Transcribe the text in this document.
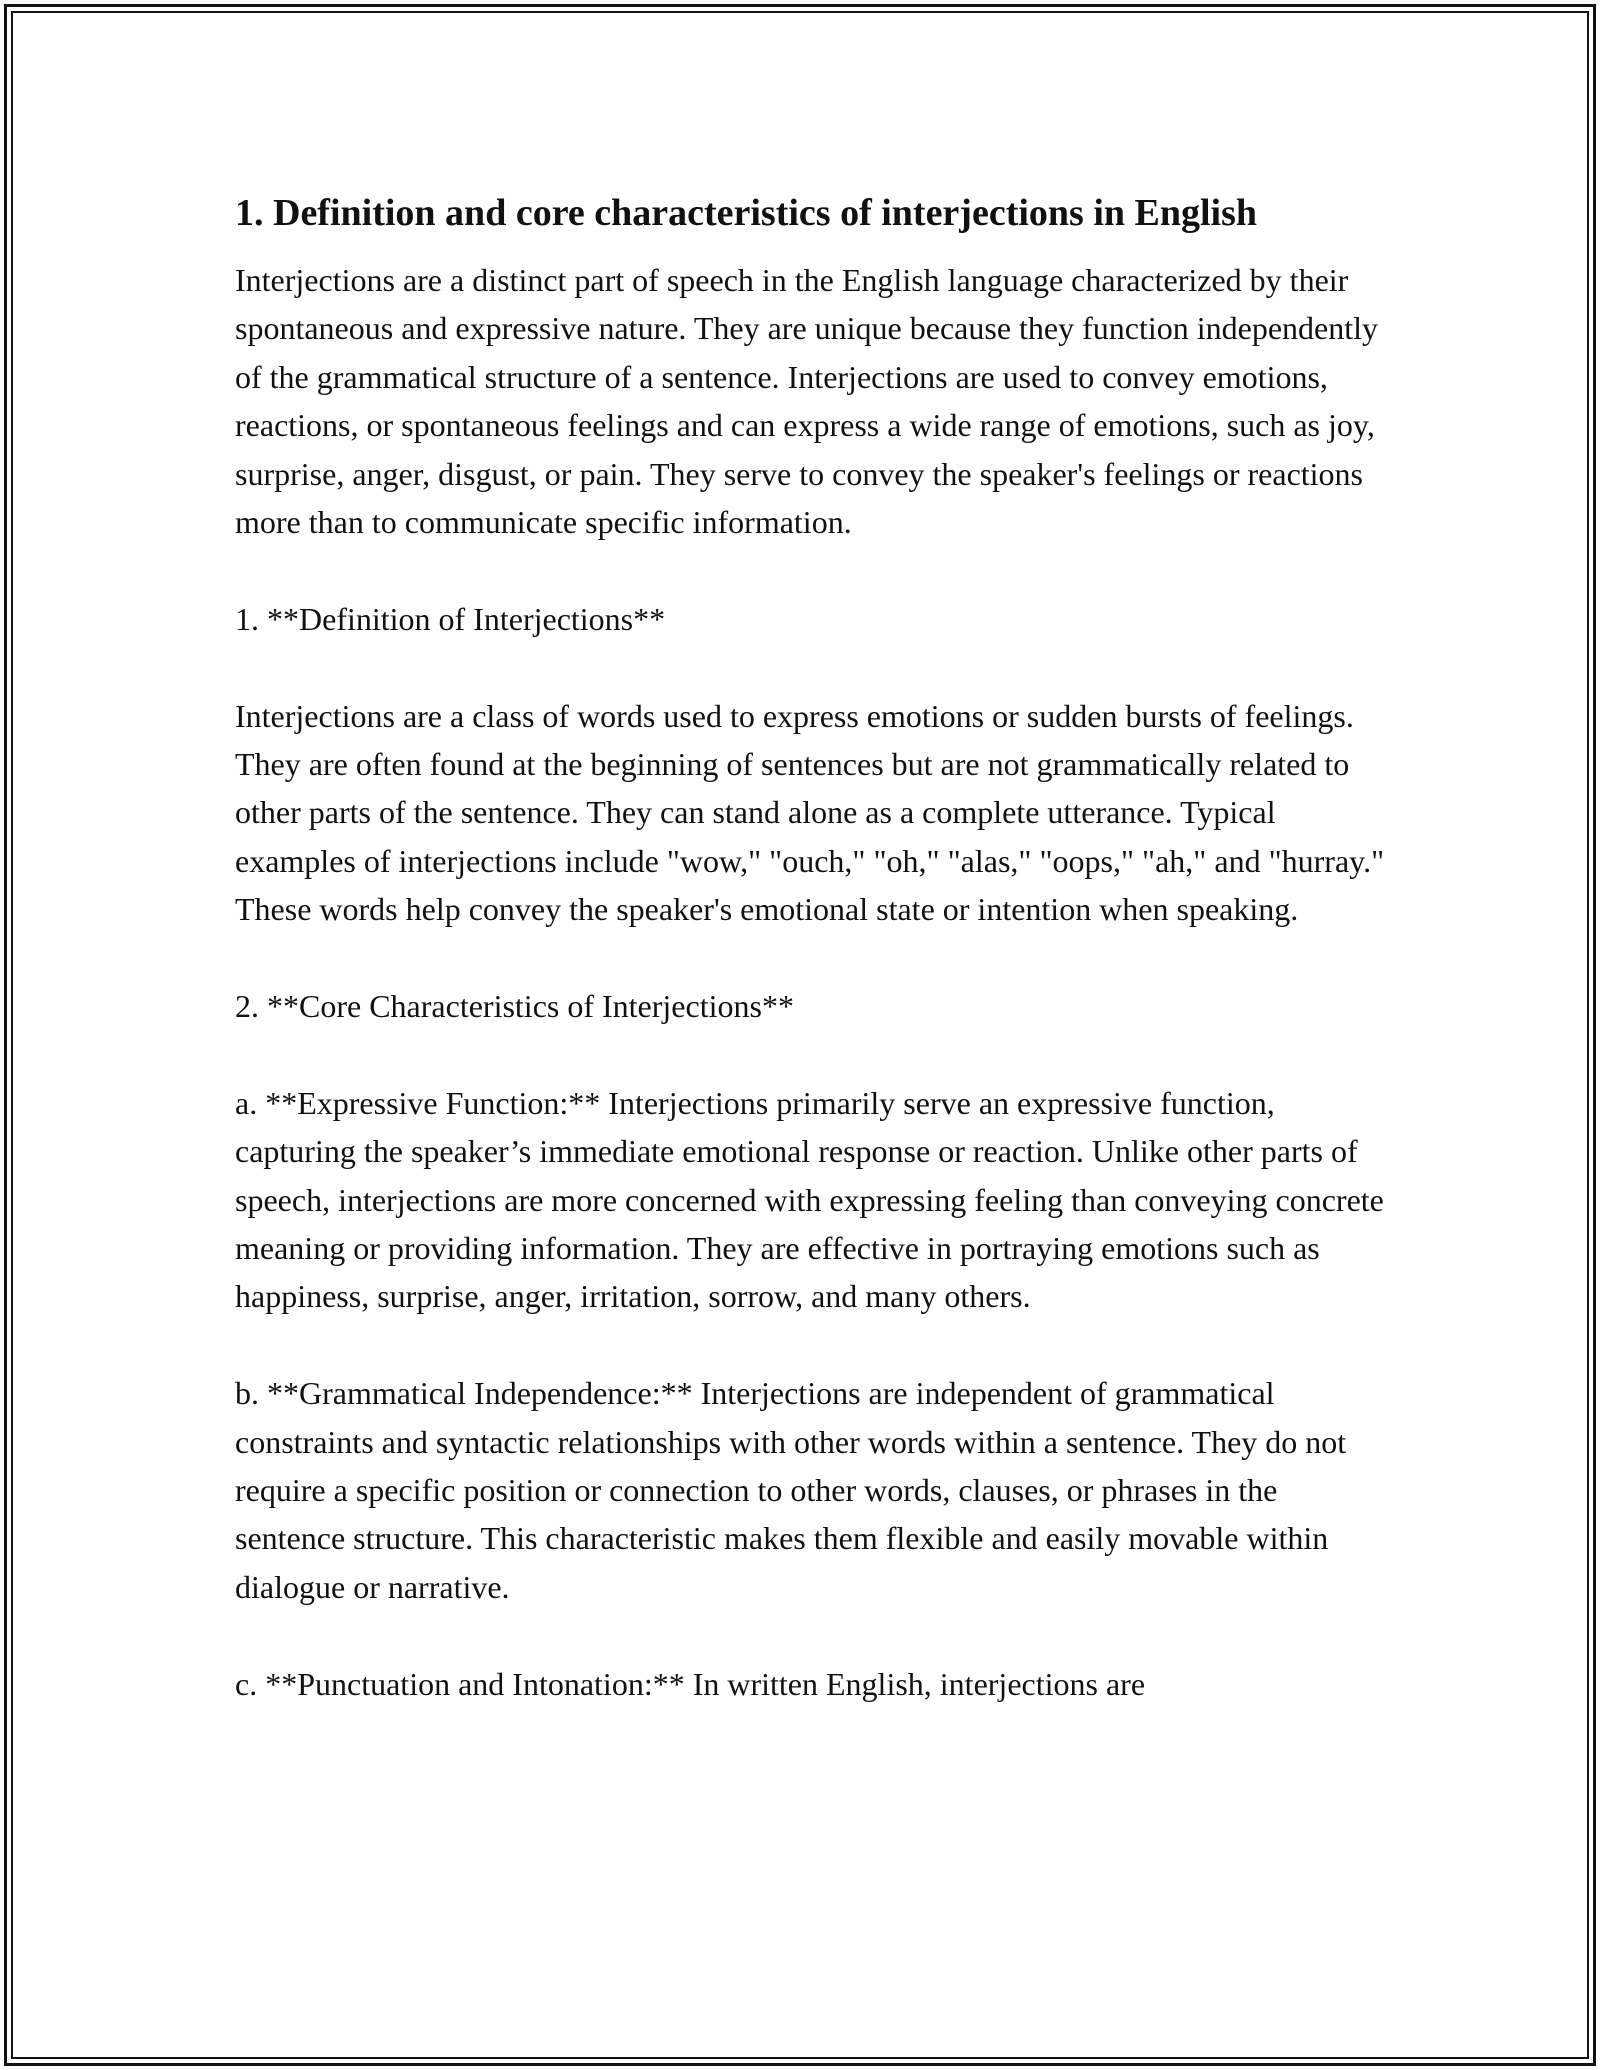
1. Definition and core characteristics of interjections in English

Interjections are a distinct part of speech in the English language characterized by their spontaneous and expressive nature. They are unique because they function independently of the grammatical structure of a sentence. Interjections are used to convey emotions, reactions, or spontaneous feelings and can express a wide range of emotions, such as joy, surprise, anger, disgust, or pain. They serve to convey the speaker's feelings or reactions more than to communicate specific information.

1. **Definition of Interjections**

Interjections are a class of words used to express emotions or sudden bursts of feelings. They are often found at the beginning of sentences but are not grammatically related to other parts of the sentence. They can stand alone as a complete utterance. Typical examples of interjections include "wow," "ouch," "oh," "alas," "oops," "ah," and "hurray." These words help convey the speaker's emotional state or intention when speaking.

2. **Core Characteristics of Interjections**

a. **Expressive Function:** Interjections primarily serve an expressive function, capturing the speaker’s immediate emotional response or reaction. Unlike other parts of speech, interjections are more concerned with expressing feeling than conveying concrete meaning or providing information. They are effective in portraying emotions such as happiness, surprise, anger, irritation, sorrow, and many others.

b. **Grammatical Independence:** Interjections are independent of grammatical constraints and syntactic relationships with other words within a sentence. They do not require a specific position or connection to other words, clauses, or phrases in the sentence structure. This characteristic makes them flexible and easily movable within dialogue or narrative.

c. **Punctuation and Intonation:** In written English, interjections are
